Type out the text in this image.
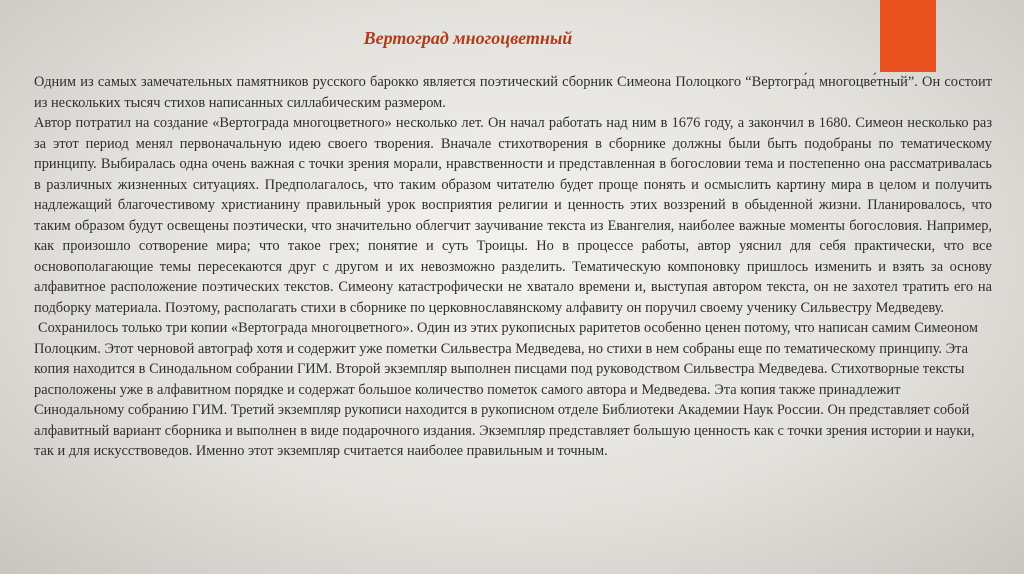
Вертоград многоцветный

Одним из самых замечательных памятников русского барокко является поэтический сборник Симеона Полоцкого “Вертогра́д многоцве́тный”. Он состоит из нескольких тысяч стихов написанных силлабическим размером.

Автор потратил на создание «Вертограда многоцветного» несколько лет. Он начал работать над ним в 1676 году, а закончил в 1680. Симеон несколько раз за этот период менял первоначальную идею своего творения. Вначале стихотворения в сборнике должны были быть подобраны по тематическому принципу. Выбиралась одна очень важная с точки зрения морали, нравственности и представленная в богословии тема и постепенно она рассматривалась в различных жизненных ситуациях. Предполагалось, что таким образом читателю будет проще понять и осмыслить картину мира в целом и получить надлежащий благочестивому христианину правильный урок восприятия религии и ценность этих воззрений в обыденной жизни. Планировалось, что таким образом будут освещены поэтически, что значительно облегчит заучивание текста из Евангелия, наиболее важные моменты богословия. Например, как произошло сотворение мира; что такое грех; понятие и суть Троицы. Но в процессе работы, автор уяснил для себя практически, что все основополагающие темы пересекаются друг с другом и их невозможно разделить. Тематическую компоновку пришлось изменить и взять за основу алфавитное расположение поэтических текстов. Симеону катастрофически не хватало времени и, выступая автором текста, он не захотел тратить его на подборку материала. Поэтому, располагать стихи в сборнике по церковнославянскому алфавиту он поручил своему ученику Сильвестру Медведеву.

Сохранилось только три копии «Вертограда многоцветного». Один из этих рукописных раритетов особенно ценен потому, что написан самим Симеоном Полоцким. Этот черновой автограф хотя и содержит уже пометки Сильвестра Медведева, но стихи в нем собраны еще по тематическому принципу. Эта копия находится в Синодальном собрании ГИМ. Второй экземпляр выполнен писцами под руководством Сильвестра Медведева. Стихотворные тексты расположены уже в алфавитном порядке и содержат большое количество пометок самого автора и Медведева. Эта копия также принадлежит Синодальному собранию ГИМ. Третий экземпляр рукописи находится в рукописном отделе Библиотеки Академии Наук России. Он представляет собой алфавитный вариант сборника и выполнен в виде подарочного издания. Экземпляр представляет большую ценность как с точки зрения истории и науки, так и для искусствоведов. Именно этот экземпляр считается наиболее правильным и точным.
